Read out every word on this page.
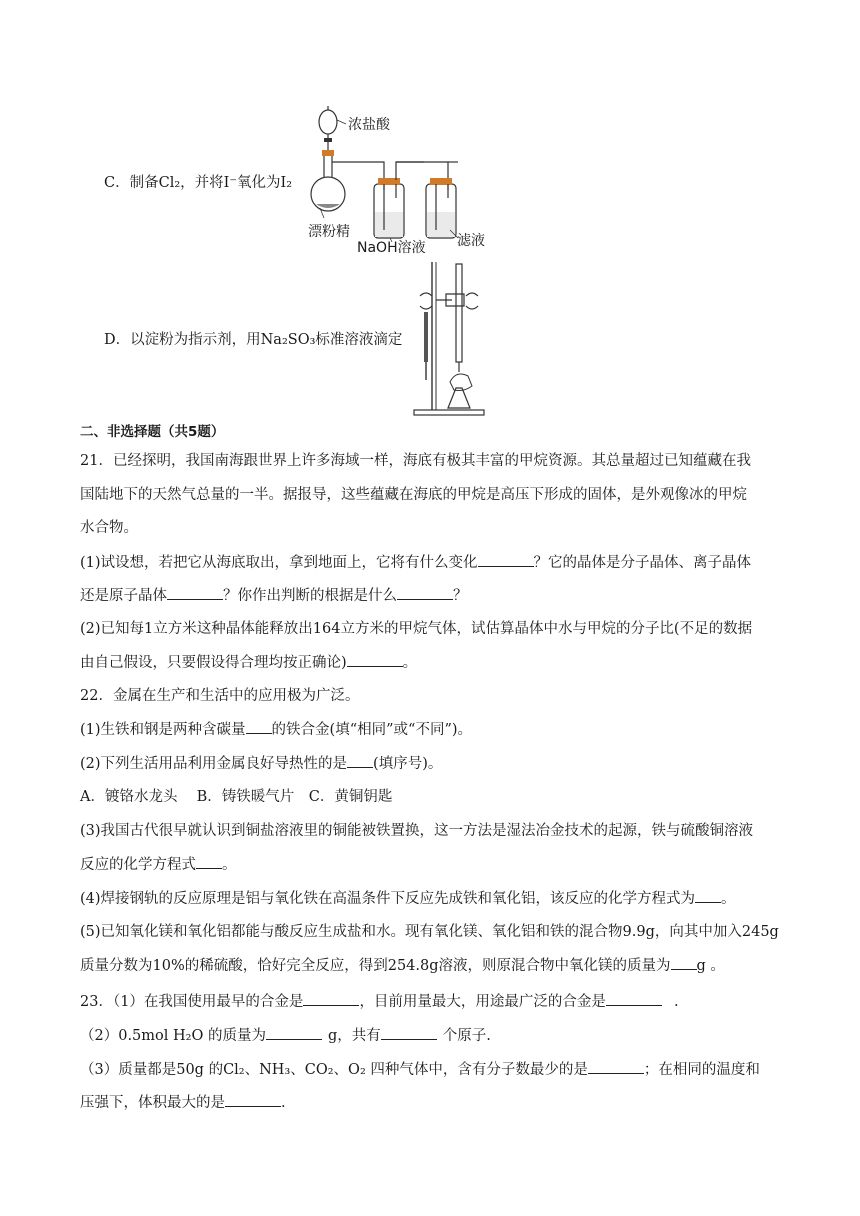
C．制备Cl₂，并将I⁻氧化为I₂
浓盐酸
漂粉精
NaOH溶液 滤液
D．以淀粉为指示剂，用Na₂SO₃标准溶液滴定
二、非选择题（共5题）
21．已经探明，我国南海跟世界上许多海域一样，海底有极其丰富的甲烷资源。其总量超过已知蕴藏在我
国陆地下的天然气总量的一半。据报导，这些蕴藏在海底的甲烷是高压下形成的固体，是外观像冰的甲烷
水合物。
(1)试设想，若把它从海底取出，拿到地面上，它将有什么变化	？它的晶体是分子晶体、离子晶体
还是原子晶体	？你作出判断的根据是什么	？
(2)已知每1立方米这种晶体能释放出164立方米的甲烷气体，试估算晶体中水与甲烷的分子比(不足的数据
由自己假设，只要假设得合理均按正确论)	。
22．金属在生产和生活中的应用极为广泛。
(1)生铁和钢是两种含碳量 的铁合金(填“相同”或“不同”)。
(2)下列生活用品利用金属良好导热性的是 (填序号)。
A．镀铬水龙头　 B．铸铁暖气片　C．黄铜钥匙
(3)我国古代很早就认识到铜盐溶液里的铜能被铁置换，这一方法是湿法冶金技术的起源，铁与硫酸铜溶液
反应的化学方程式 。
(4)焊接钢轨的反应原理是铝与氧化铁在高温条件下反应先成铁和氧化铝，该反应的化学方程式为 。
(5)已知氧化镁和氧化铝都能与酸反应生成盐和水。现有氧化镁、氧化铝和铁的混合物9.9g，向其中加入245g
质量分数为10%的稀硫酸，恰好完全反应，得到254.8g溶液，则原混合物中氧化镁的质量为 g 。
23．（1）在我国使用最早的合金是	，目前用量最大，用途最广泛的合金是	.
（2）0.5mol H₂O 的质量为	g，共有	个原子.
（3）质量都是50g 的Cl₂、NH₃、CO₂、O₂ 四种气体中，含有分子数最少的是	；在相同的温度和
压强下，体积最大的是	.
